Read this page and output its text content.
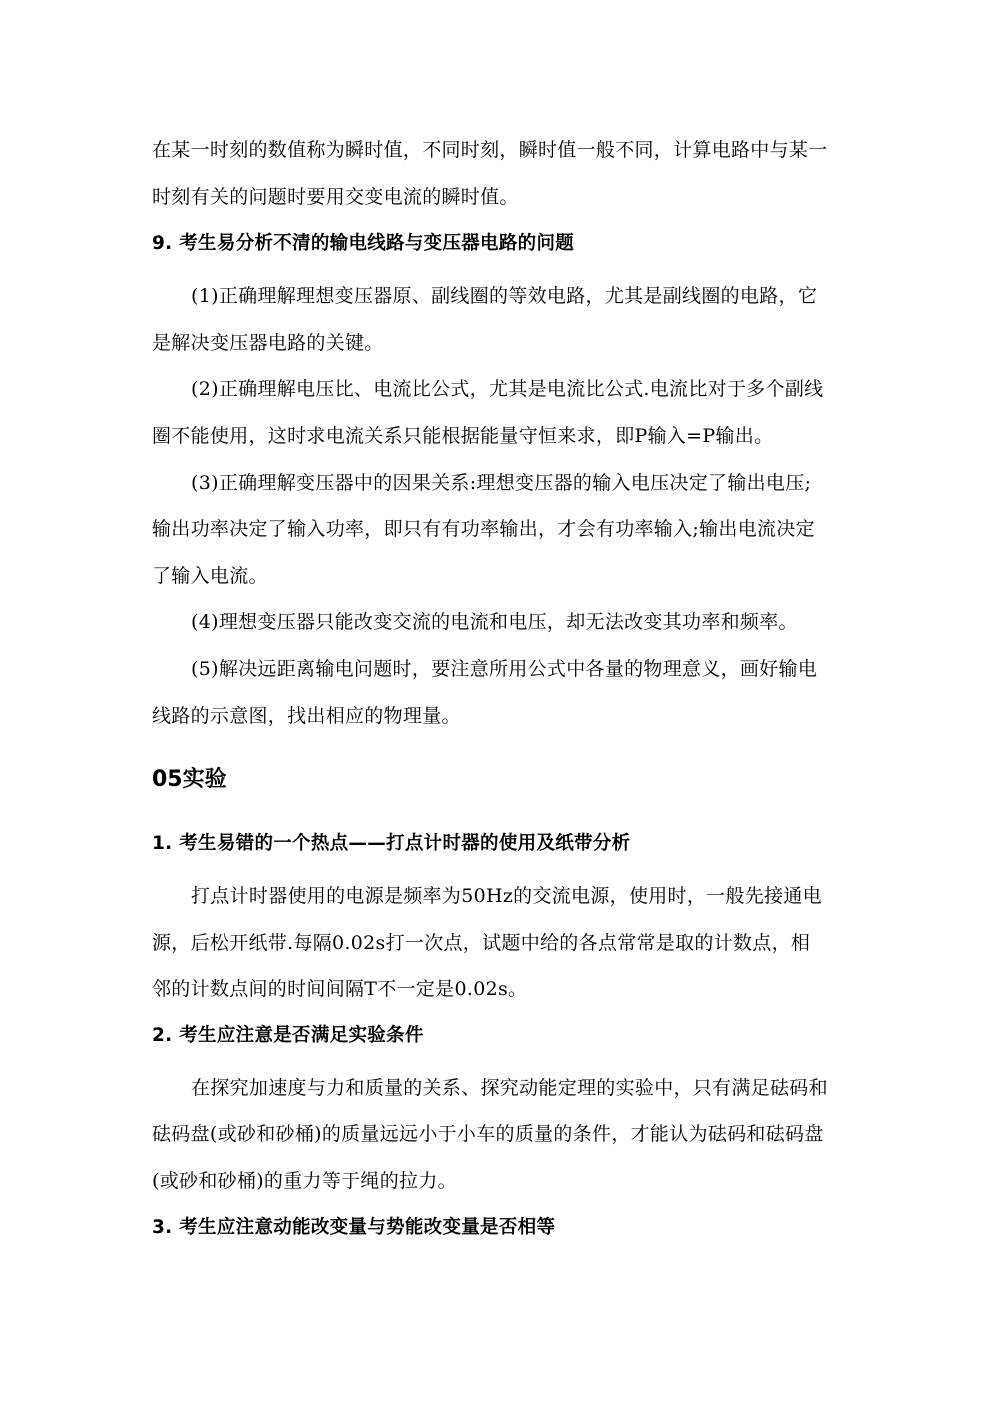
在某一时刻的数值称为瞬时值，不同时刻，瞬时值一般不同，计算电路中与某一
时刻有关的问题时要用交变电流的瞬时值。
9. 考生易分析不清的输电线路与变压器电路的问题
(1)正确理解理想变压器原、副线圈的等效电路，尤其是副线圈的电路，它
是解决变压器电路的关键。
(2)正确理解电压比、电流比公式，尤其是电流比公式.电流比对于多个副线
圈不能使用，这时求电流关系只能根据能量守恒来求，即P输入=P输出。
(3)正确理解变压器中的因果关系:理想变压器的输入电压决定了输出电压;
输出功率决定了输入功率，即只有有功率输出，才会有功率输入;输出电流决定
了输入电流。
(4)理想变压器只能改变交流的电流和电压，却无法改变其功率和频率。
(5)解决远距离输电问题时，要注意所用公式中各量的物理意义，画好输电
线路的示意图，找出相应的物理量。
05实验
1. 考生易错的一个热点——打点计时器的使用及纸带分析
打点计时器使用的电源是频率为50Hz的交流电源，使用时，一般先接通电
源，后松开纸带.每隔0.02s打一次点，试题中给的各点常常是取的计数点，相
邻的计数点间的时间间隔T不一定是0.02s。
2. 考生应注意是否满足实验条件
在探究加速度与力和质量的关系、探究动能定理的实验中，只有满足砝码和
砝码盘(或砂和砂桶)的质量远远小于小车的质量的条件，才能认为砝码和砝码盘
(或砂和砂桶)的重力等于绳的拉力。
3. 考生应注意动能改变量与势能改变量是否相等
